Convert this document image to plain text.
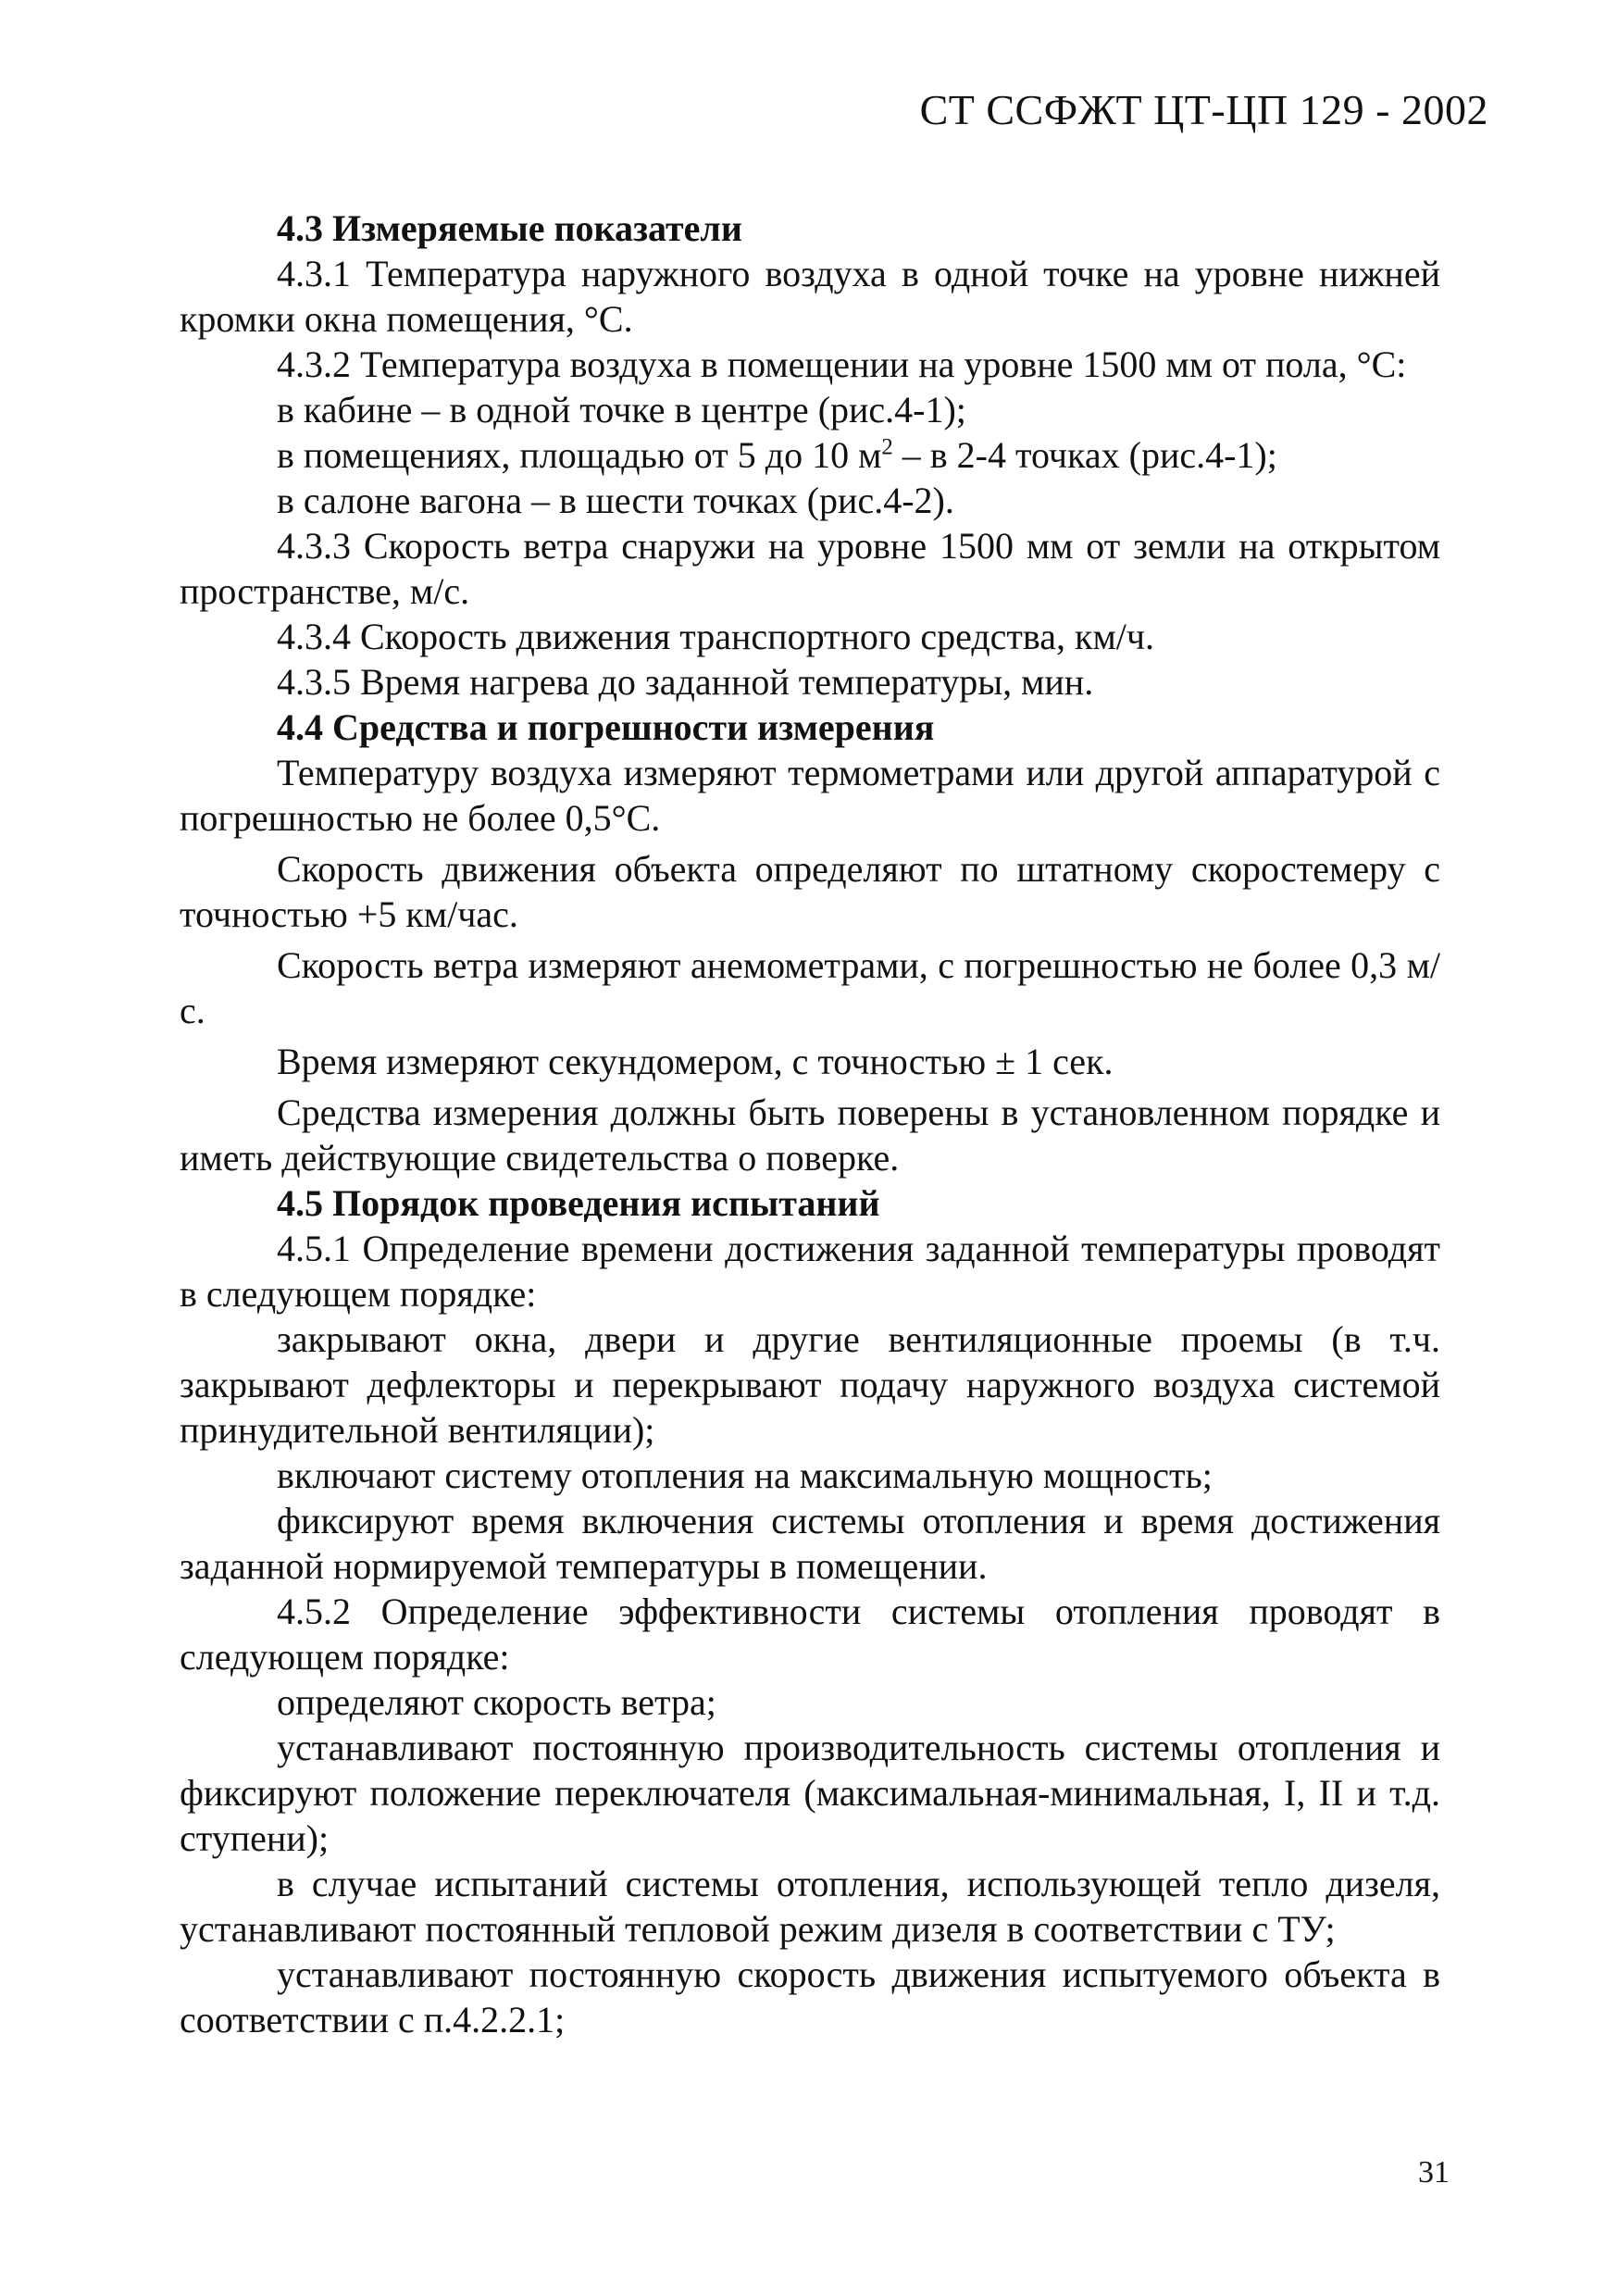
СТ ССФЖТ ЦТ-ЦП 129 - 2002

4.3 Измеряемые показатели

4.3.1 Температура наружного воздуха в одной точке на уровне нижней кромки окна помещения, °С.

4.3.2 Температура воздуха в помещении на уровне 1500 мм от пола, °С:

в кабине – в одной точке в центре (рис.4-1);

в помещениях, площадью от 5 до 10 $м^2$ – в 2-4 точках (рис.4-1);

в салоне вагона – в шести точках (рис.4-2).

4.3.3 Скорость ветра снаружи на уровне 1500 мм от земли на открытом пространстве, м/с.

4.3.4 Скорость движения транспортного средства, км/ч.

4.3.5 Время нагрева до заданной температуры, мин.

4.4 Средства и погрешности измерения

Температуру воздуха измеряют термометрами или другой аппаратурой с погрешностью не более 0,5°С.

Скорость движения объекта определяют по штатному скоростемеру с точностью +5 км/час.

Скорость ветра измеряют анемометрами, с погрешностью не более 0,3 м/с.

Время измеряют секундомером, с точностью ± 1 сек.

Средства измерения должны быть поверены в установленном порядке и иметь действующие свидетельства о поверке.

4.5 Порядок проведения испытаний

4.5.1 Определение времени достижения заданной температуры проводят в следующем порядке:

закрывают окна, двери и другие вентиляционные проемы (в т.ч. закрывают дефлекторы и перекрывают подачу наружного воздуха системой принудительной вентиляции);

включают систему отопления на максимальную мощность;

фиксируют время включения системы отопления и время достижения заданной нормируемой температуры в помещении.

4.5.2 Определение эффективности системы отопления проводят в следующем порядке:

определяют скорость ветра;

устанавливают постоянную производительность системы отопления и фиксируют положение переключателя (максимальная-минимальная, I, II и т.д. ступени);

в случае испытаний системы отопления, использующей тепло дизеля, устанавливают постоянный тепловой режим дизеля в соответствии с ТУ;

устанавливают постоянную скорость движения испытуемого объекта в соответствии с п.4.2.2.1;

31
